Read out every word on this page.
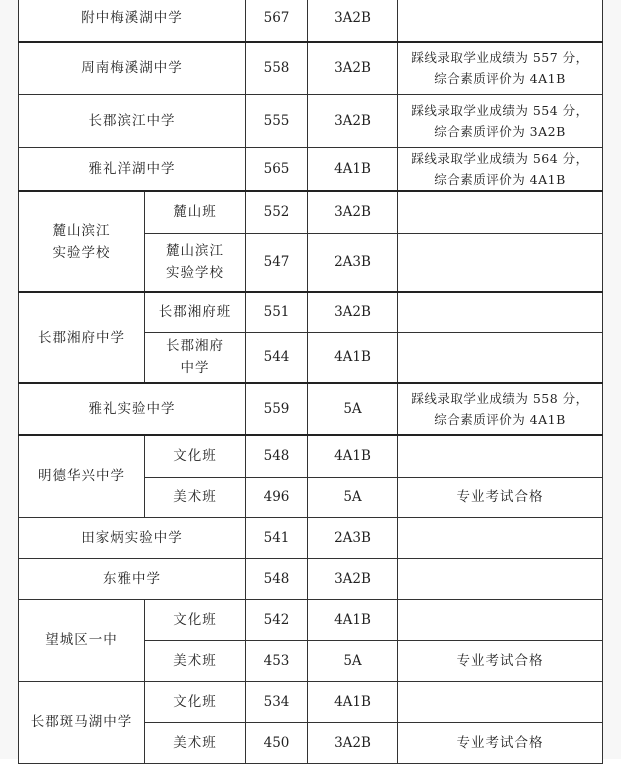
附中梅溪湖中学		567	3A2B	
周南梅溪湖中学		558	3A2B	踩线录取学业成绩为 557 分，
综合素质评价为 4A1B

长郡滨江中学		555	3A2B	踩线录取学业成绩为 554 分，
综合素质评价为 3A2B

雅礼洋湖中学		565	4A1B	踩线录取学业成绩为 564 分，
综合素质评价为 4A1B

麓山滨江
实验学校	麓山班	552	3A2B	

	麓山滨江
实验学校	547	2A3B	
长郡湘府中学	长郡湘府班	551	3A2B	

	长郡湘府
中学	544	4A1B	
雅礼实验中学		559	5A	踩线录取学业成绩为 558 分，
综合素质评价为 4A1B

明德华兴中学	文化班	548	4A1B	
	美术班	496	5A	专业考试合格
田家炳实验中学		541	2A3B	
东雅中学		548	3A2B	
望城区一中	文化班	542	4A1B	
	美术班	453	5A	专业考试合格
长郡斑马湖中学	文化班	534	4A1B	
	美术班	450	3A2B	专业考试合格
